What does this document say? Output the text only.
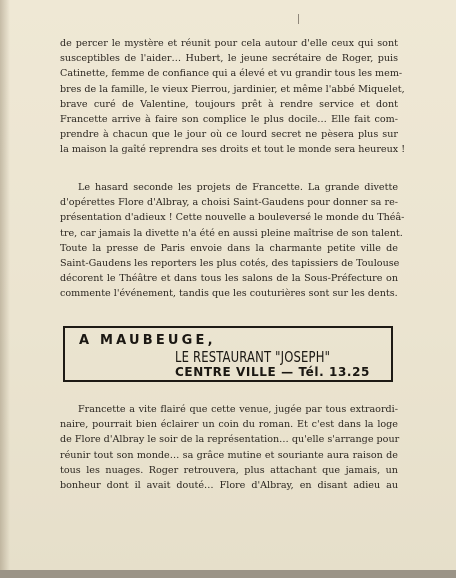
de percer le mystère et réunit pour cela autour d'elle ceux qui sont
susceptibles de l'aider… Hubert, le jeune secrétaire de Roger, puis
Catinette, femme de confiance qui a élevé et vu grandir tous les mem-
bres de la famille, le vieux Pierrou, jardinier, et même l'abbé Miquelet,
brave curé de Valentine, toujours prêt à rendre service et dont
Francette arrive à faire son complice le plus docile… Elle fait com-
prendre à chacun que le jour où ce lourd secret ne pèsera plus sur
la maison la gaîté reprendra ses droits et tout le monde sera heureux !
Le hasard seconde les projets de Francette. La grande divette
d'opérettes Flore d'Albray, a choisi Saint-Gaudens pour donner sa re-
présentation d'adieux ! Cette nouvelle a bouleversé le monde du Théâ-
tre, car jamais la divette n'a été en aussi pleine maîtrise de son talent.
Toute la presse de Paris envoie dans la charmante petite ville de
Saint-Gaudens les reporters les plus cotés, des tapissiers de Toulouse
décorent le Théâtre et dans tous les salons de la Sous-Préfecture on
commente l'événement, tandis que les couturières sont sur les dents.
A MAUBEUGE,
LE RESTAURANT "JOSEPH"
CENTRE VILLE — Tél. 13.25
Francette a vite flairé que cette venue, jugée par tous extraordi-
naire, pourrait bien éclairer un coin du roman. Et c'est dans la loge
de Flore d'Albray le soir de la représentation… qu'elle s'arrange pour
réunir tout son monde… sa grâce mutine et souriante aura raison de
tous les nuages. Roger retrouvera, plus attachant que jamais, un
bonheur dont il avait douté… Flore d'Albray, en disant adieu au
